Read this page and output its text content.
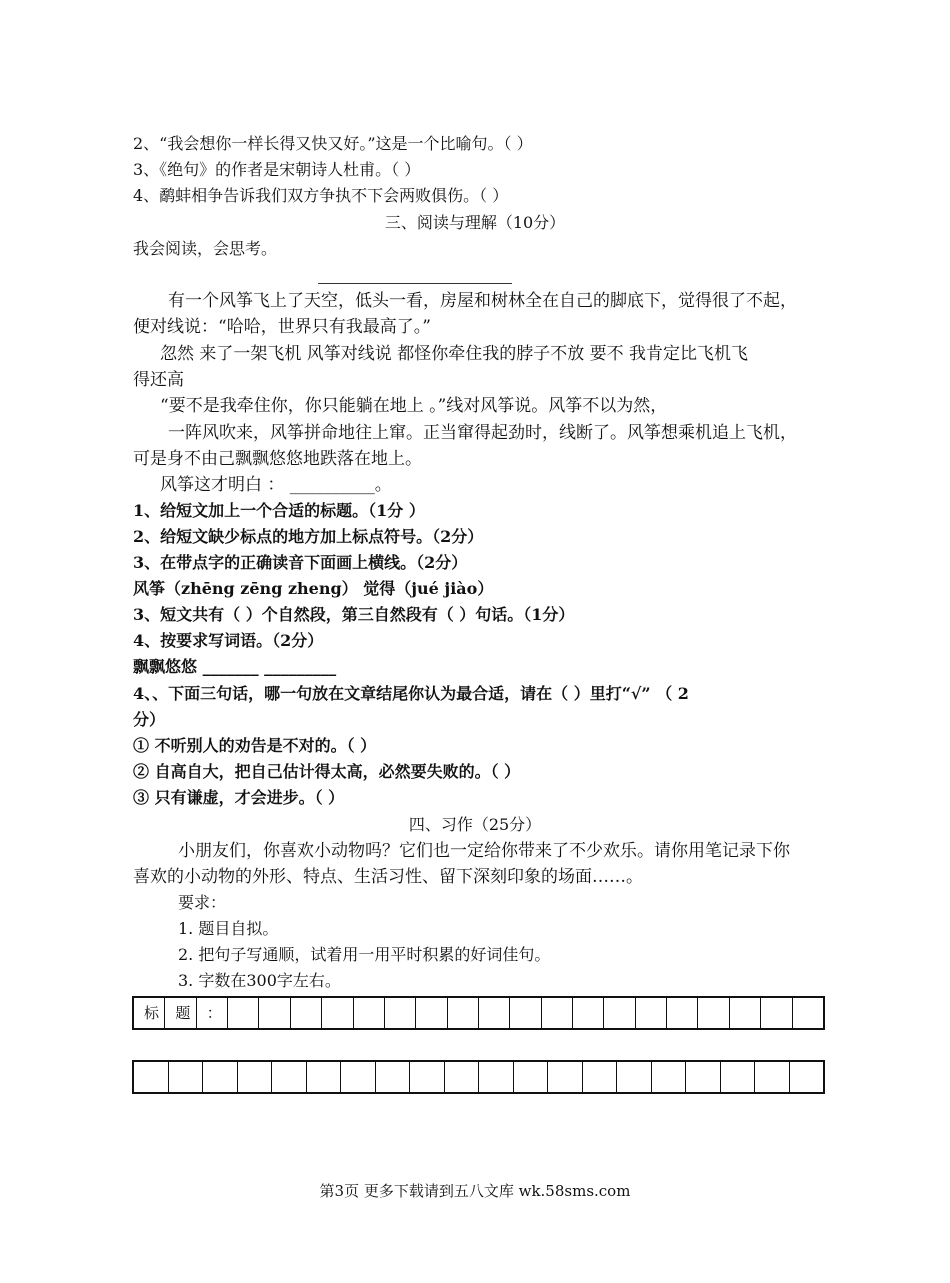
2、“我会想你一样长得又快又好。”这是一个比喻句。（ ）
3、《绝句》的作者是宋朝诗人杜甫。（ ）
4、鹬蚌相争告诉我们双方争执不下会两败俱伤。（ ）
三、阅读与理解（10分）
我会阅读，会思考。
有一个风筝飞上了天空，低头一看，房屋和树林全在自己的脚底下，觉得很了不起，
便对线说：“哈哈，世界只有我最高了。”
忽然 来了一架飞机 风筝对线说 都怪你牵住我的脖子不放 要不 我肯定比飞机飞
得还高
“要不是我牵住你，你只能躺在地上 。”线对风筝说。风筝不以为然，
一阵风吹来，风筝拼命地往上窜。正当窜得起劲时，线断了。风筝想乘机追上飞机，
可是身不由己飘飘悠悠地跌落在地上。
风筝这才明白 ： __________。
1、给短文加上一个合适的标题。（1分 ）
2、给短文缺少标点的地方加上标点符号。（2分）
3、在带点字的正确读音下面画上横线。（2分）
风筝（zhēng zēng zheng） 觉得（jué jiào）
3、短文共有（ ）个自然段，第三自然段有（ ）句话。（1分）
4、按要求写词语。（2分）
飘飘悠悠 _______ _________
4、、下面三句话，哪一句放在文章结尾你认为最合适，请在（ ）里打“√” （ 2
分）
① 不听别人的劝告是不对的。（ ）
② 自高自大，把自己估计得太高，必然要失败的。（ ）
③ 只有谦虚，才会进步。（ ）
四、习作（25分）
小朋友们，你喜欢小动物吗？它们也一定给你带来了不少欢乐。请你用笔记录下你
喜欢的小动物的外形、特点、生活习性、留下深刻印象的场面……。
要求：
1. 题目自拟。
2. 把句子写通顺，试着用一用平时积累的好词佳句。
3. 字数在300字左右。
标	题	：
第3页 更多下载请到五八文库 wk.58sms.com
